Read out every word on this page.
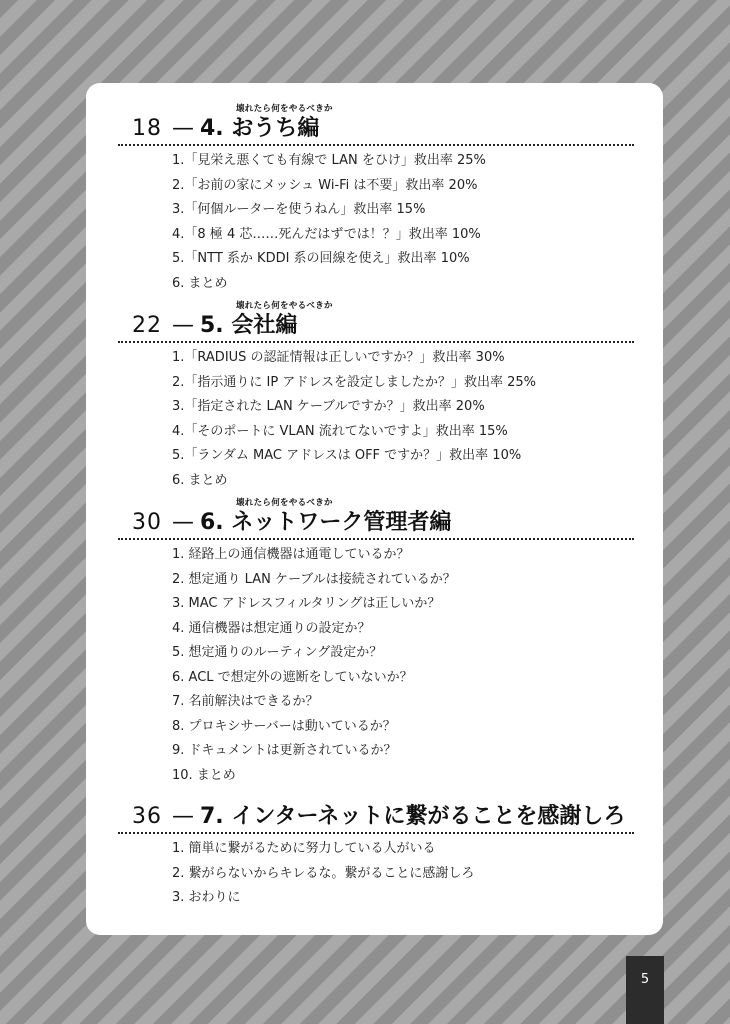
壊れたら何をやるべきか
18 — 4. おうち編
1.「見栄え悪くても有線で LAN をひけ」救出率 25%
2.「お前の家にメッシュ Wi-Fi は不要」救出率 20%
3.「何個ルーターを使うねん」救出率 15%
4.「8 極 4 芯……死んだはずでは！？」救出率 10%
5.「NTT 系か KDDI 系の回線を使え」救出率 10%
6. まとめ
壊れたら何をやるべきか
22 — 5. 会社編
1.「RADIUS の認証情報は正しいですか？」救出率 30%
2.「指示通りに IP アドレスを設定しましたか？」救出率 25%
3.「指定された LAN ケーブルですか？」救出率 20%
4.「そのポートに VLAN 流れてないですよ」救出率 15%
5.「ランダム MAC アドレスは OFF ですか？」救出率 10%
6. まとめ
壊れたら何をやるべきか
30 — 6. ネットワーク管理者編
1. 経路上の通信機器は通電しているか？
2. 想定通り LAN ケーブルは接続されているか？
3. MAC アドレスフィルタリングは正しいか？
4. 通信機器は想定通りの設定か？
5. 想定通りのルーティング設定か？
6. ACL で想定外の遮断をしていないか？
7. 名前解決はできるか？
8. プロキシサーバーは動いているか？
9. ドキュメントは更新されているか？
10. まとめ
36 — 7. インターネットに繋がることを感謝しろ
1. 簡単に繋がるために努力している人がいる
2. 繋がらないからキレるな。繋がることに感謝しろ
3. おわりに
5
